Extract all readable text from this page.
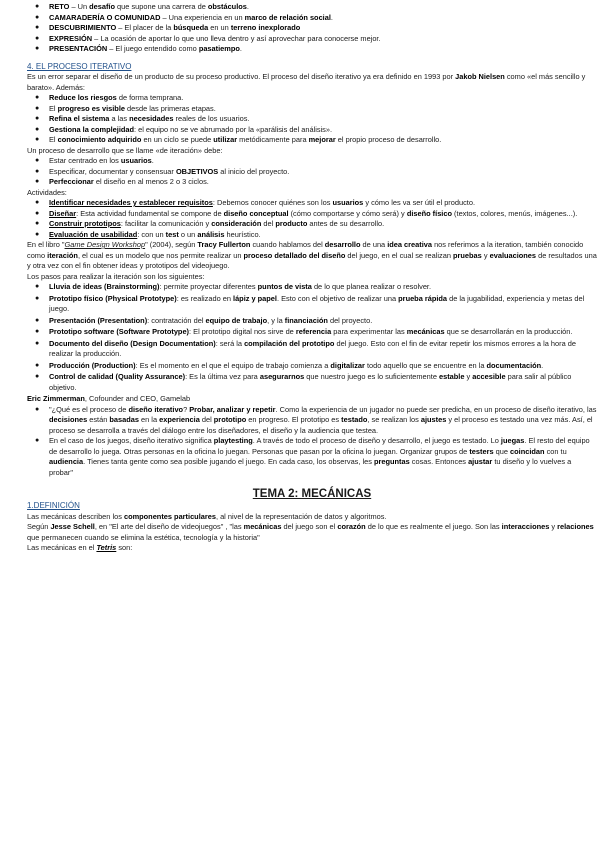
● RETO – Un desafío que supone una carrera de obstáculos.
● CAMARADERÍA O COMUNIDAD – Una experiencia en un marco de relación social.
● DESCUBRIMIENTO – El placer de la búsqueda en un terreno inexplorado
● EXPRESIÓN – La ocasión de aportar lo que uno lleva dentro y así aprovechar para conocerse mejor.
● PRESENTACIÓN – El juego entendido como pasatiempo.
4. EL PROCESO ITERATIVO

Es un error separar el diseño de un producto de su proceso productivo. El proceso del diseño iterativo ya era definido en 1993 por Jakob Nielsen como «el más sencillo y barato». Además:

● Reduce los riesgos de forma temprana.
● El progreso es visible desde las primeras etapas.
● Refina el sistema a las necesidades reales de los usuarios.
● Gestiona la complejidad: el equipo no se ve abrumado por la «parálisis del análisis».
● El conocimiento adquirido en un ciclo se puede utilizar metódicamente para mejorar el propio proceso de desarrollo.

Un proceso de desarrollo que se llame «de iteración» debe:

● Estar centrado en los usuarios.
● Especificar, documentar y consensuar OBJETIVOS al inicio del proyecto.
● Perfeccionar el diseño en al menos 2 o 3 ciclos.

Actividades:

● Identificar necesidades y establecer requisitos: Debemos conocer quiénes son los usuarios y cómo les va ser útil el producto.
● Diseñar: Esta actividad fundamental se compone de diseño conceptual (cómo comportarse y cómo será) y diseño físico (textos, colores, menús, imágenes...).
● Construir prototipos: facilitar la comunicación y consideración del producto antes de su desarrollo.
● Evaluación de usabilidad: con un test o un análisis heurístico.

En el libro "Game Design Workshop" (2004), según Tracy Fullerton cuando hablamos del desarrollo de una idea creativa nos referimos a la iteration, también conocido como iteración, el cual es un modelo que nos permite realizar un proceso detallado del diseño del juego, en el cual se realizan pruebas y evaluaciones de resultados una y otra vez con el fin obtener ideas y prototipos del videojuego.

Los pasos para realizar la iteración son los siguientes:

● Lluvia de ideas (Brainstorming): permite proyectar diferentes puntos de vista de lo que planea realizar o resolver.
● Prototipo físico (Physical Prototype): es realizado en lápiz y papel. Esto con el objetivo de realizar una prueba rápida de la jugabilidad, experiencia y metas del juego.
● Presentación (Presentation): contratación del equipo de trabajo, y la financiación del proyecto.
● Prototipo software (Software Prototype): El prototipo digital nos sirve de referencia para experimentar las mecánicas que se desarrollarán en la producción.
● Documento del diseño (Design Documentation): será la compilación del prototipo del juego. Esto con el fin de evitar repetir los mismos errores a la hora de realizar la producción.
● Producción (Production): Es el momento en el que el equipo de trabajo comienza a digitalizar todo aquello que se encuentre en la documentación.
● Control de calidad (Quality Assurance): Es la última vez para asegurarnos que nuestro juego es lo suficientemente estable y accesible para salir al público objetivo.

Eric Zimmerman, Cofounder and CEO, Gamelab

● "¿Qué es el proceso de diseño iterativo? Probar, analizar y repetir. Como la experiencia de un jugador no puede ser predicha, en un proceso de diseño iterativo, las decisiones están basadas en la experiencia del prototipo en progreso. El prototipo es testado, se realizan los ajustes y el proceso es testado una vez más. Así, el proceso se desarrolla a través del diálogo entre los diseñadores, el diseño y la audiencia que testea.
● En el caso de los juegos, diseño iterativo significa playtesting. A través de todo el proceso de diseño y desarrollo, el juego es testado. Lo juegas. El resto del equipo de desarrollo lo juega. Otras personas en la oficina lo juegan. Personas que pasan por la oficina lo juegan. Organizar grupos de testers que coincidan con tu audiencia. Tienes tanta gente como sea posible jugando el juego. En cada caso, los observas, les preguntas cosas. Entonces ajustar tu diseño y lo vuelves a probar"
TEMA 2: MECÁNICAS
1.DEFINICIÓN

Las mecánicas describen los componentes particulares, al nivel de la representación de datos y algoritmos.

Según Jesse Schell, en "El arte del diseño de videojuegos" , "las mecánicas del juego son el corazón de lo que es realmente el juego. Son las interacciones y relaciones que permanecen cuando se elimina la estética, tecnología y la historia"

Las mecánicas en el Tetris son:
